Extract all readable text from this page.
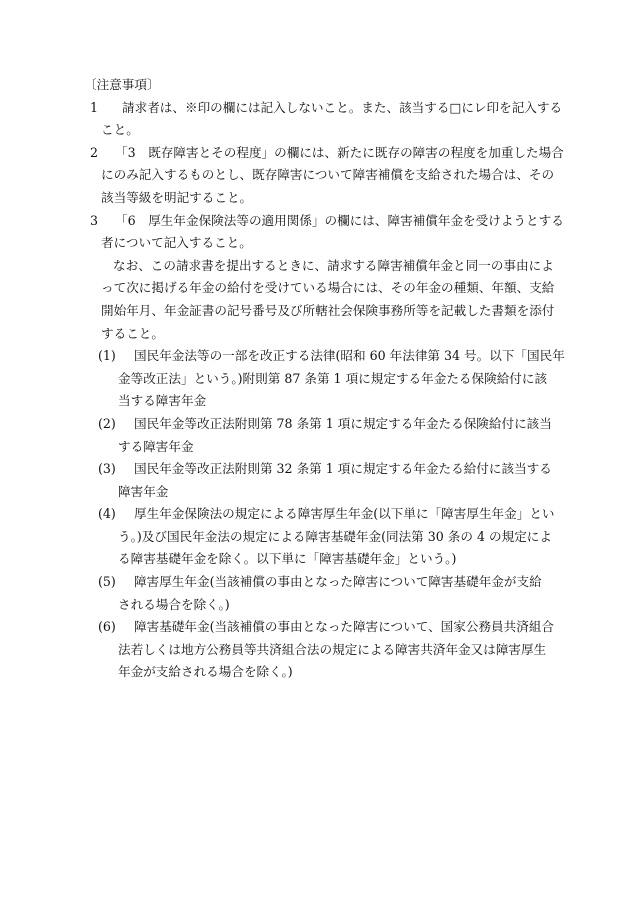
〔注意事項〕

1	請求者は、※印の欄には記入しないこと。また、該当する□にレ印を記入する
こと。
2	「3　既存障害とその程度」の欄には、新たに既存の障害の程度を加重した場合
にのみ記入するものとし、既存障害について障害補償を支給された場合は、その
該当等級を明記すること。
3	「6　厚生年金保険法等の適用関係」の欄には、障害補償年金を受けようとする
者について記入すること。
なお、この請求書を提出するときに、請求する障害補償年金と同一の事由によ
って次に掲げる年金の給付を受けている場合には、その年金の種類、年額、支給
開始年月、年金証書の記号番号及び所轄社会保険事務所等を記載した書類を添付
すること。
(1)	国民年金法等の一部を改正する法律(昭和 60 年法律第 34 号。以下「国民年
金等改正法」という。)附則第 87 条第 1 項に規定する年金たる保険給付に該
当する障害年金
(2)	国民年金等改正法附則第 78 条第 1 項に規定する年金たる保険給付に該当
する障害年金
(3)	国民年金等改正法附則第 32 条第 1 項に規定する年金たる給付に該当する
障害年金
(4)	厚生年金保険法の規定による障害厚生年金(以下単に「障害厚生年金」とい
う。)及び国民年金法の規定による障害基礎年金(同法第 30 条の 4 の規定によ
る障害基礎年金を除く。以下単に「障害基礎年金」という。)
(5)	障害厚生年金(当該補償の事由となった障害について障害基礎年金が支給
される場合を除く。)
(6)	障害基礎年金(当該補償の事由となった障害について、国家公務員共済組合
法若しくは地方公務員等共済組合法の規定による障害共済年金又は障害厚生
年金が支給される場合を除く。)
